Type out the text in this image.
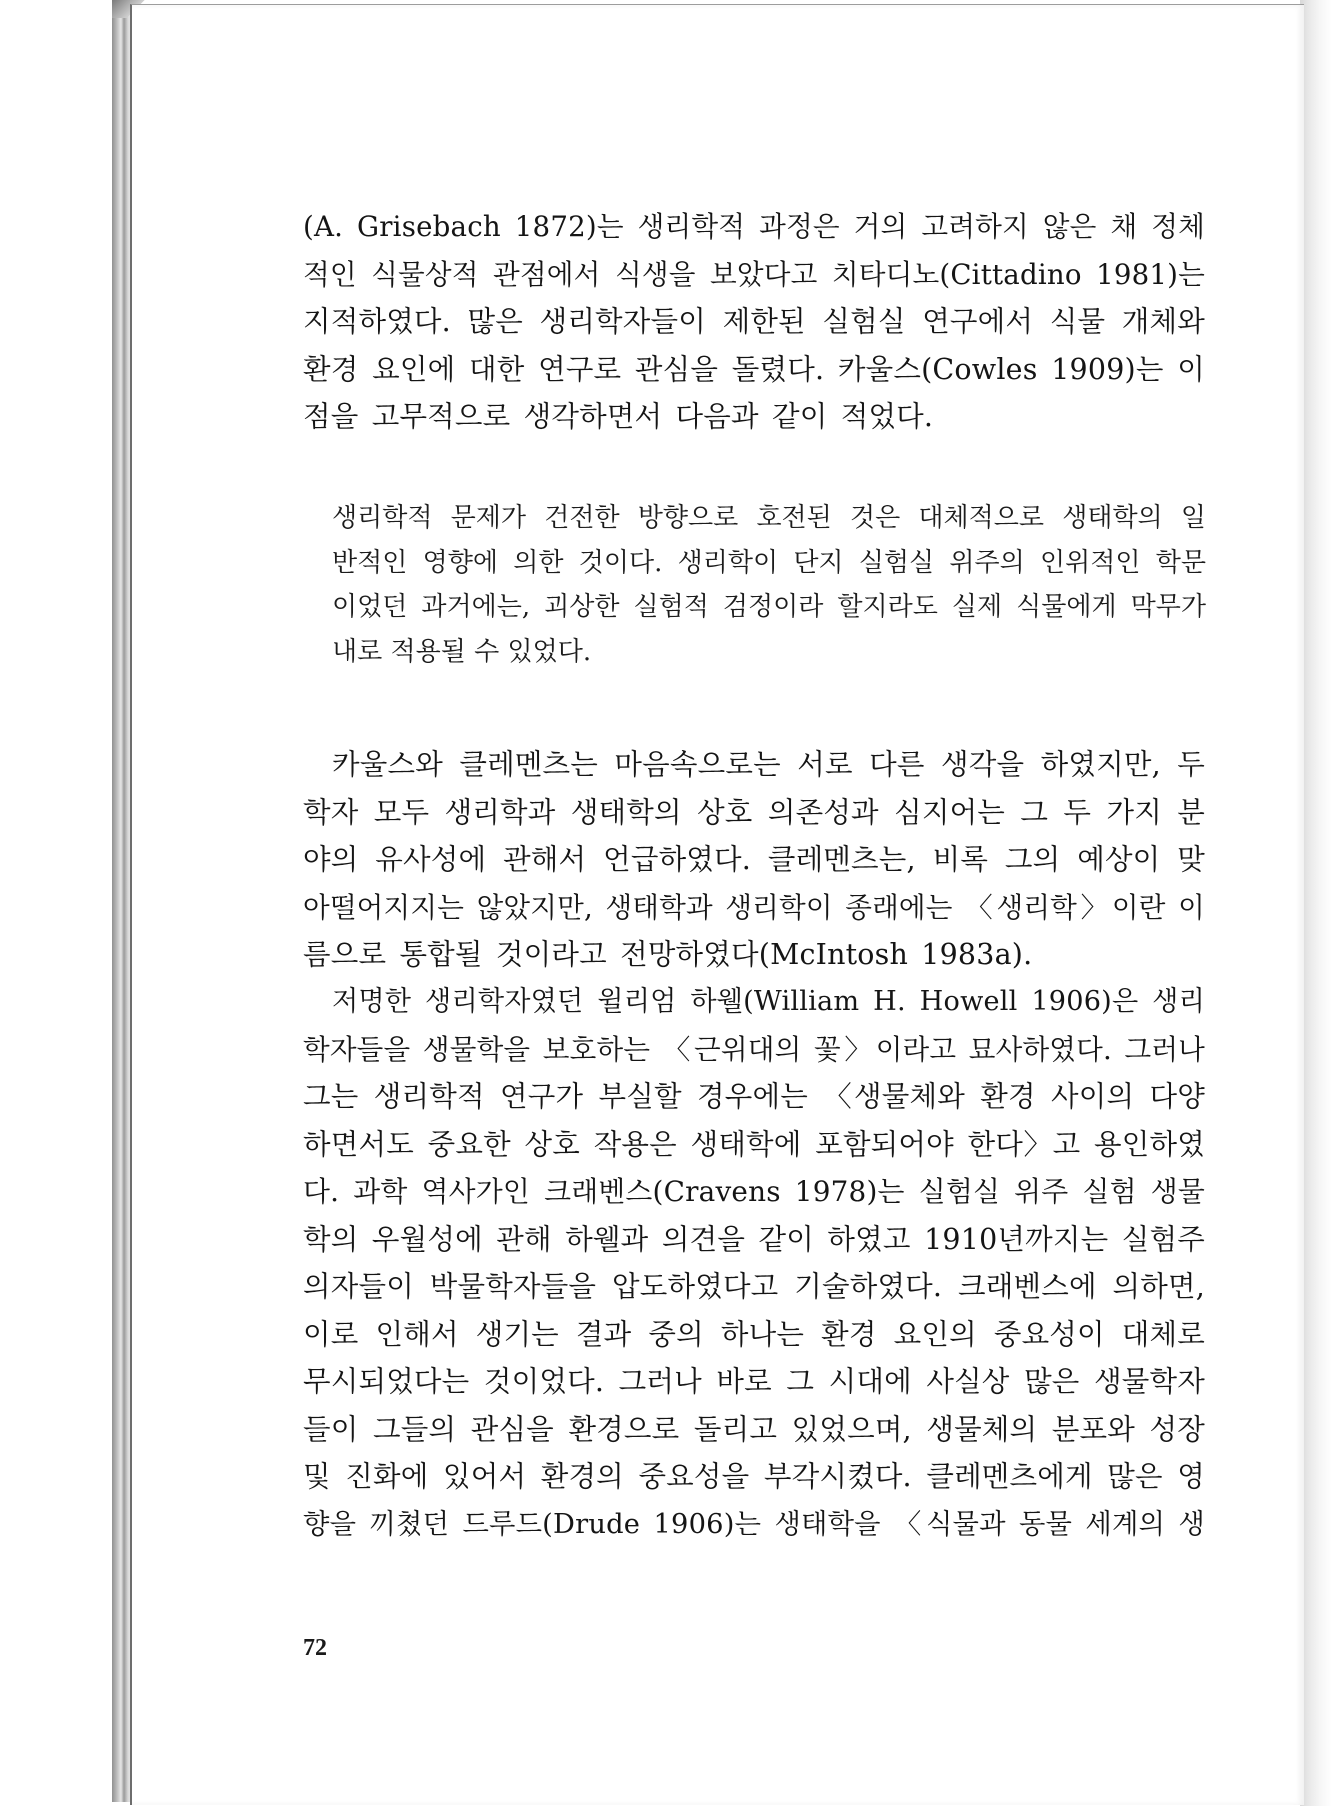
(A. Grisebach 1872)는 생리학적 과정은 거의 고려하지 않은 채 정체
적인 식물상적 관점에서 식생을 보았다고 치타디노(Cittadino 1981)는
지적하였다. 많은 생리학자들이 제한된 실험실 연구에서 식물 개체와
환경 요인에 대한 연구로 관심을 돌렸다. 카울스(Cowles 1909)는 이
점을 고무적으로 생각하면서 다음과 같이 적었다.

생리학적 문제가 건전한 방향으로 호전된 것은 대체적으로 생태학의 일
반적인 영향에 의한 것이다. 생리학이 단지 실험실 위주의 인위적인 학문
이었던 과거에는, 괴상한 실험적 검정이라 할지라도 실제 식물에게 막무가
내로 적용될 수 있었다.

카울스와 클레멘츠는 마음속으로는 서로 다른 생각을 하였지만, 두
학자 모두 생리학과 생태학의 상호 의존성과 심지어는 그 두 가지 분
야의 유사성에 관해서 언급하였다. 클레멘츠는, 비록 그의 예상이 맞
아떨어지지는 않았지만, 생태학과 생리학이 종래에는 〈생리학〉이란 이
름으로 통합될 것이라고 전망하였다(McIntosh 1983a).

저명한 생리학자였던 윌리엄 하웰(William H. Howell 1906)은 생리
학자들을 생물학을 보호하는 〈근위대의 꽃〉이라고 묘사하였다. 그러나
그는 생리학적 연구가 부실할 경우에는 〈생물체와 환경 사이의 다양
하면서도 중요한 상호 작용은 생태학에 포함되어야 한다〉고 용인하였
다. 과학 역사가인 크래벤스(Cravens 1978)는 실험실 위주 실험 생물
학의 우월성에 관해 하웰과 의견을 같이 하였고 1910년까지는 실험주
의자들이 박물학자들을 압도하였다고 기술하였다. 크래벤스에 의하면,
이로 인해서 생기는 결과 중의 하나는 환경 요인의 중요성이 대체로
무시되었다는 것이었다. 그러나 바로 그 시대에 사실상 많은 생물학자
들이 그들의 관심을 환경으로 돌리고 있었으며, 생물체의 분포와 성장
및 진화에 있어서 환경의 중요성을 부각시켰다. 클레멘츠에게 많은 영
향을 끼쳤던 드루드(Drude 1906)는 생태학을 〈식물과 동물 세계의 생

72
